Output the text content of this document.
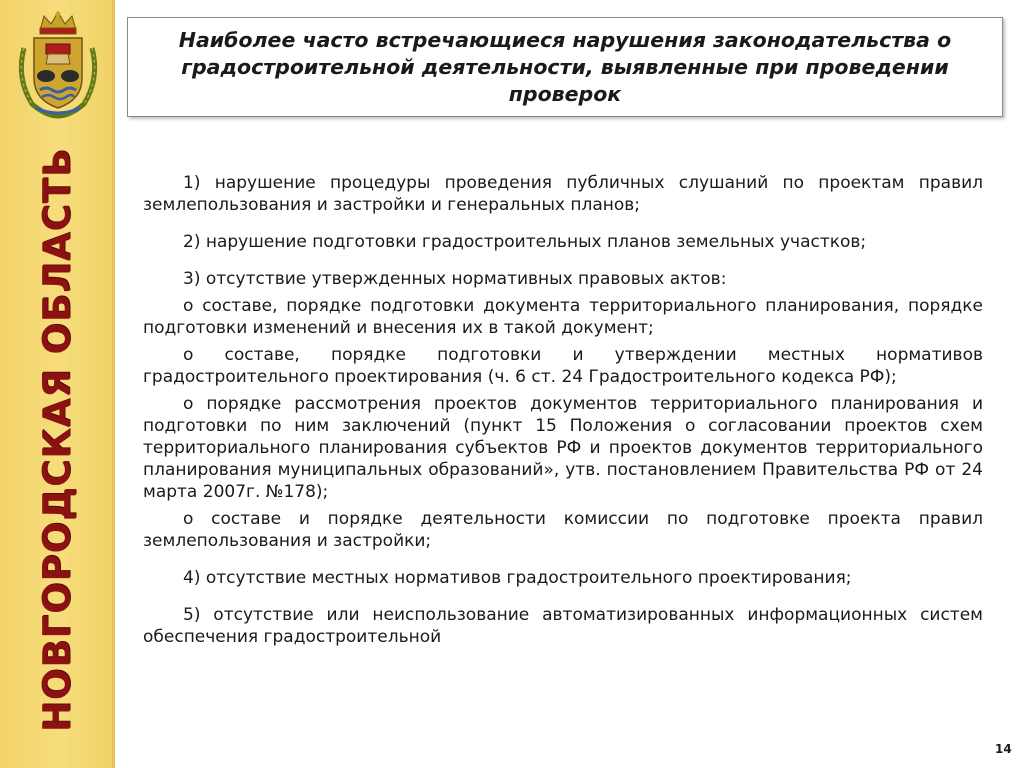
НОВГОРОДСКАЯ ОБЛАСТЬ
Наиболее часто встречающиеся нарушения законодательства о градостроительной деятельности, выявленные при проведении проверок

1) нарушение процедуры проведения публичных слушаний по проектам правил землепользования и застройки и генеральных планов;

2) нарушение подготовки градостроительных планов земельных участков;

3) отсутствие утвержденных нормативных правовых актов:

о составе, порядке подготовки документа территориального планирования, порядке подготовки изменений и внесения их в такой документ;

о составе, порядке подготовки и утверждении местных нормативов градостроительного проектирования (ч. 6 ст. 24 Градостроительного кодекса РФ);

о порядке рассмотрения проектов документов территориального планирования и подготовки по ним заключений (пункт 15 Положения о согласовании проектов схем территориального планирования субъектов РФ и проектов документов территориального планирования муниципальных образований», утв. постановлением Правительства РФ от 24 марта 2007г. №178);

о составе и порядке деятельности комиссии по подготовке проекта правил землепользования и застройки;

4) отсутствие местных нормативов градостроительного проектирования;

5) отсутствие или неиспользование автоматизированных информационных систем обеспечения градостроительной

14
